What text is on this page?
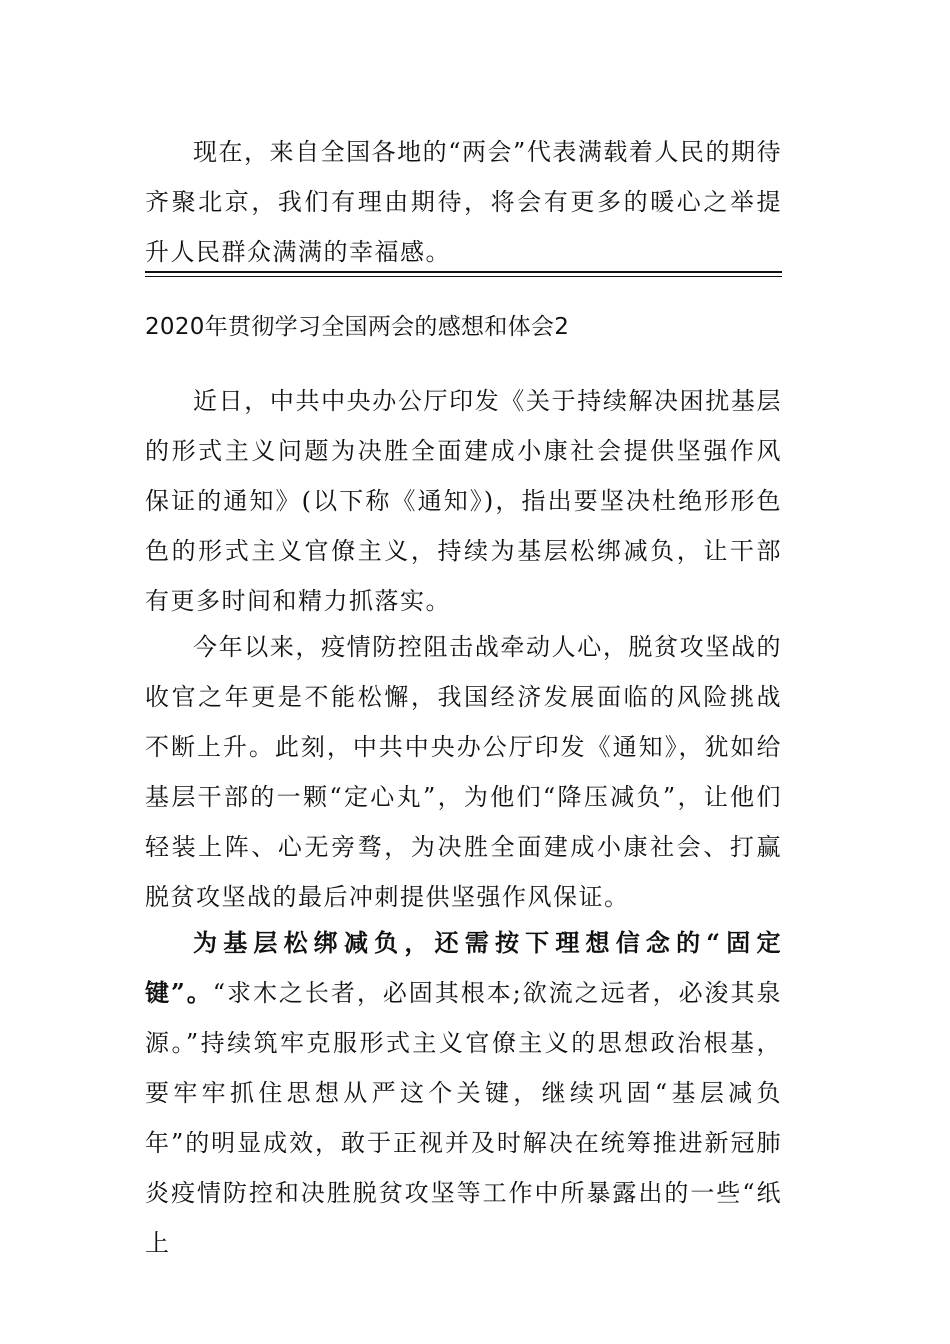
现在，来自全国各地的“两会”代表满载着人民的期待齐聚北京，我们有理由期待，将会有更多的暖心之举提升人民群众满满的幸福感。

2020年贯彻学习全国两会的感想和体会2

近日，中共中央办公厅印发《关于持续解决困扰基层的形式主义问题为决胜全面建成小康社会提供坚强作风保证的通知》(以下称《通知》)，指出要坚决杜绝形形色色的形式主义官僚主义，持续为基层松绑减负，让干部有更多时间和精力抓落实。

今年以来，疫情防控阻击战牵动人心，脱贫攻坚战的收官之年更是不能松懈，我国经济发展面临的风险挑战不断上升。此刻，中共中央办公厅印发《通知》，犹如给基层干部的一颗“定心丸”，为他们“降压减负”，让他们轻装上阵、心无旁骛，为决胜全面建成小康社会、打赢脱贫攻坚战的最后冲刺提供坚强作风保证。

为基层松绑减负，还需按下理想信念的“固定键”。“求木之长者，必固其根本;欲流之远者，必浚其泉源。”持续筑牢克服形式主义官僚主义的思想政治根基，要牢牢抓住思想从严这个关键，继续巩固“基层减负年”的明显成效，敢于正视并及时解决在统筹推进新冠肺炎疫情防控和决胜脱贫攻坚等工作中所暴露出的一些“纸上
